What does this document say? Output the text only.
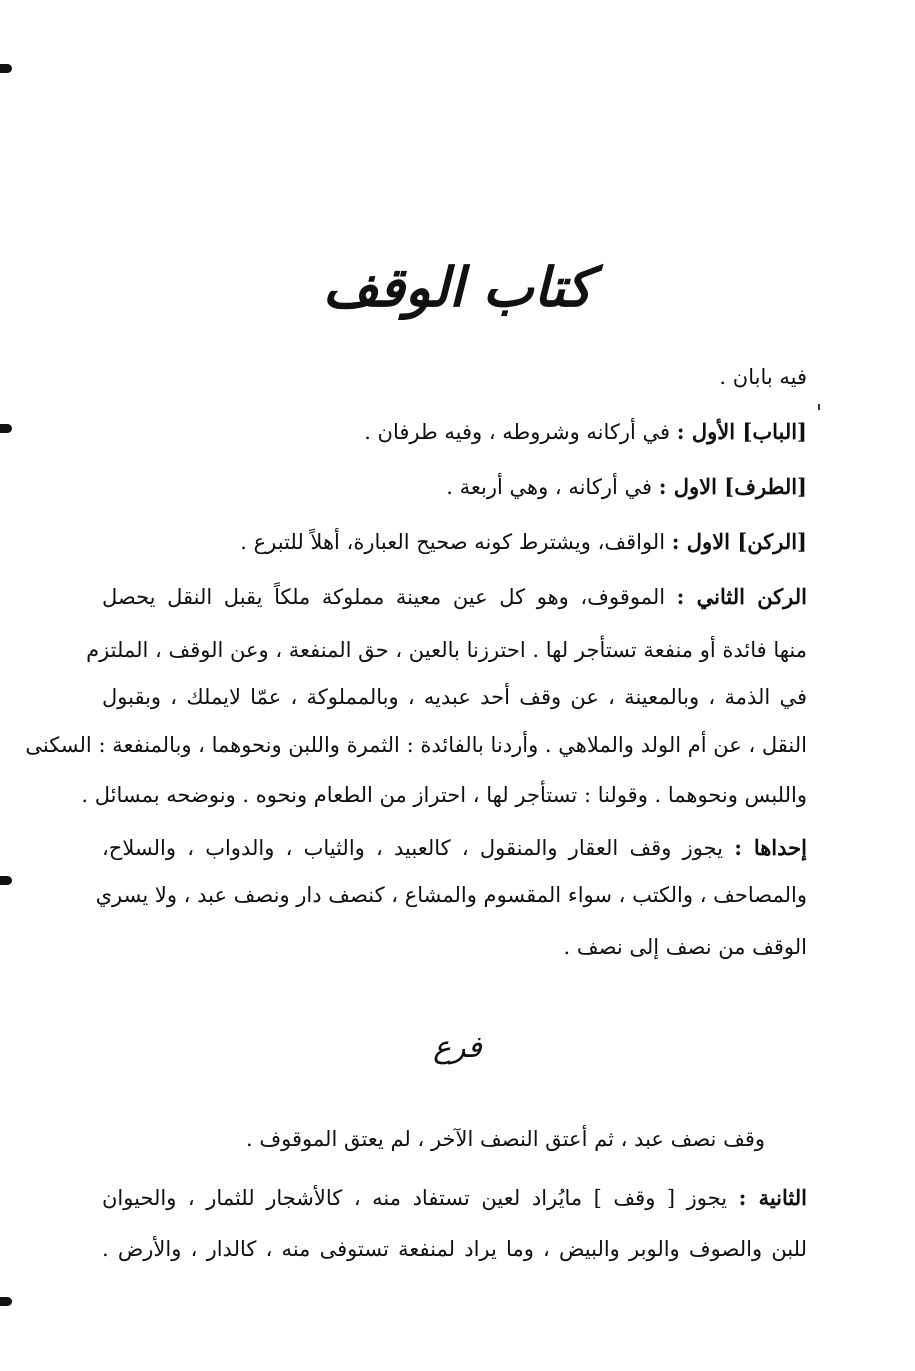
كتاب الوقف
فيه بابان .
[الباب] الأول : في أركانه وشروطه ، وفيه طرفان .
[الطرف] الاول : في أركانه ، وهي أربعة .
[الركن] الاول : الواقف، ويشترط كونه صحيح العبارة، أهلاً للتبرع .
الركن الثاني : الموقوف، وهو كل عين معينة مملوكة ملكاً يقبل النقل يحصل
منها فائدة أو منفعة تستأجر لها . احترزنا بالعين ، حق المنفعة ، وعن الوقف ، الملتزم
في الذمة ، وبالمعينة ، عن وقف أحد عبديه ، وبالمملوكة ، عمّا لايملك ، وبقبول
النقل ، عن أم الولد والملاهي . وأردنا بالفائدة : الثمرة واللبن ونحوهما ، وبالمنفعة : السكنى
واللبس ونحوهما . وقولنا : تستأجر لها ، احتراز من الطعام ونحوه . ونوضحه بمسائل .
إحداها : يجوز وقف العقار والمنقول ، كالعبيد ، والثياب ، والدواب ، والسلاح،
والمصاحف ، والكتب ، سواء المقسوم والمشاع ، كنصف دار ونصف عبد ، ولا يسري
الوقف من نصف إلى نصف .
فرع
وقف نصف عبد ، ثم أعتق النصف الآخر ، لم يعتق الموقوف .
الثانية : يجوز [ وقف ] مايُراد لعين تستفاد منه ، كالأشجار للثمار ، والحيوان
للبن والصوف والوبر والبيض ، وما يراد لمنفعة تستوفى منه ، كالدار ، والأرض .
